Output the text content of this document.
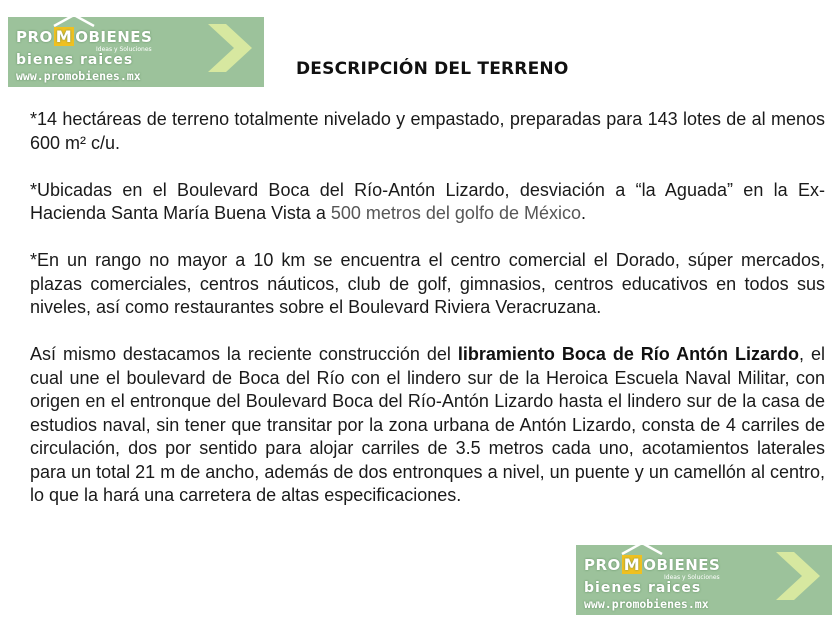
PRO M OBIENES
Ideas y Soluciones
bienes raices
www.promobienes.mx	DESCRIPCIÓN DEL TERRENO

*14 hectáreas de terreno totalmente nivelado y empastado, preparadas para 143 lotes de al menos 600 m² c/u.

*Ubicadas en el Boulevard Boca del Río-Antón Lizardo, desviación a “la Aguada” en la Ex-Hacienda Santa María Buena Vista a 500 metros del golfo de México.

*En un rango no mayor a 10 km se encuentra el centro comercial el Dorado, súper mercados, plazas comerciales, centros náuticos, club de golf, gimnasios, centros educativos en todos sus niveles, así como restaurantes sobre el Boulevard Riviera Veracruzana.

Así mismo destacamos la reciente construcción del libramiento Boca de Río Antón Lizardo, el cual une el boulevard de Boca del Río con el lindero sur de la Heroica Escuela Naval Militar, con origen en el entronque del Boulevard Boca del Río-Antón Lizardo hasta el lindero sur de la casa de estudios naval, sin tener que transitar por la zona urbana de Antón Lizardo, consta de 4 carriles de circulación, dos por sentido para alojar carriles de 3.5 metros cada uno, acotamientos laterales para un total 21 m de ancho, además de dos entronques a nivel, un puente y un camellón al centro, lo que la hará una carretera de altas especificaciones.

PRO M OBIENES
Ideas y Soluciones
bienes raices
www.promobienes.mx
